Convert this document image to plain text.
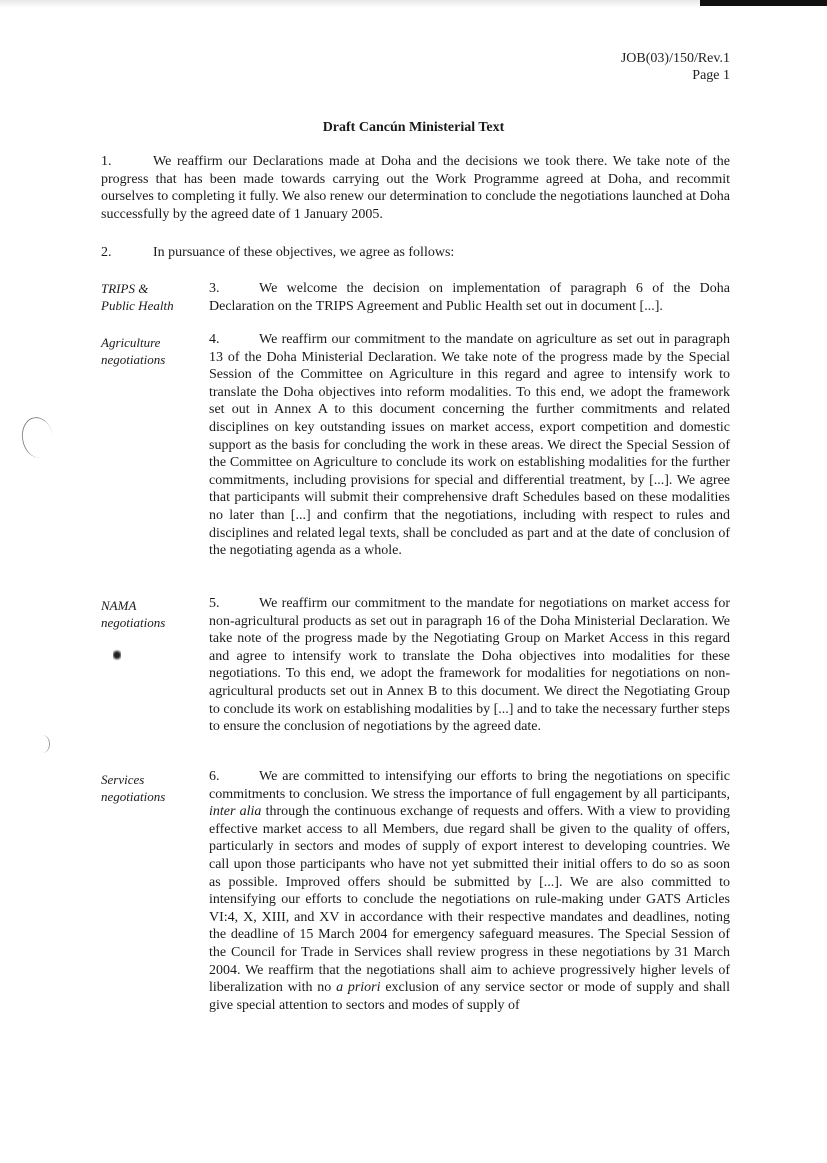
JOB(03)/150/Rev.1
Page 1
Draft Cancún Ministerial Text
1.	We reaffirm our Declarations made at Doha and the decisions we took there. We take note of the progress that has been made towards carrying out the Work Programme agreed at Doha, and recommit ourselves to completing it fully. We also renew our determination to conclude the negotiations launched at Doha successfully by the agreed date of 1 January 2005.
2.	In pursuance of these objectives, we agree as follows:
TRIPS & Public Health
3.	We welcome the decision on implementation of paragraph 6 of the Doha Declaration on the TRIPS Agreement and Public Health set out in document [...].
Agriculture negotiations
4.	We reaffirm our commitment to the mandate on agriculture as set out in paragraph 13 of the Doha Ministerial Declaration. We take note of the progress made by the Special Session of the Committee on Agriculture in this regard and agree to intensify work to translate the Doha objectives into reform modalities. To this end, we adopt the framework set out in Annex A to this document concerning the further commitments and related disciplines on key outstanding issues on market access, export competition and domestic support as the basis for concluding the work in these areas. We direct the Special Session of the Committee on Agriculture to conclude its work on establishing modalities for the further commitments, including provisions for special and differential treatment, by [...]. We agree that participants will submit their comprehensive draft Schedules based on these modalities no later than [...] and confirm that the negotiations, including with respect to rules and disciplines and related legal texts, shall be concluded as part and at the date of conclusion of the negotiating agenda as a whole.
NAMA negotiations
5.	We reaffirm our commitment to the mandate for negotiations on market access for non-agricultural products as set out in paragraph 16 of the Doha Ministerial Declaration. We take note of the progress made by the Negotiating Group on Market Access in this regard and agree to intensify work to translate the Doha objectives into modalities for these negotiations. To this end, we adopt the framework for modalities for negotiations on non-agricultural products set out in Annex B to this document. We direct the Negotiating Group to conclude its work on establishing modalities by [...] and to take the necessary further steps to ensure the conclusion of negotiations by the agreed date.
Services negotiations
6.	We are committed to intensifying our efforts to bring the negotiations on specific commitments to conclusion. We stress the importance of full engagement by all participants, inter alia through the continuous exchange of requests and offers. With a view to providing effective market access to all Members, due regard shall be given to the quality of offers, particularly in sectors and modes of supply of export interest to developing countries. We call upon those participants who have not yet submitted their initial offers to do so as soon as possible. Improved offers should be submitted by [...]. We are also committed to intensifying our efforts to conclude the negotiations on rule-making under GATS Articles VI:4, X, XIII, and XV in accordance with their respective mandates and deadlines, noting the deadline of 15 March 2004 for emergency safeguard measures. The Special Session of the Council for Trade in Services shall review progress in these negotiations by 31 March 2004. We reaffirm that the negotiations shall aim to achieve progressively higher levels of liberalization with no a priori exclusion of any service sector or mode of supply and shall give special attention to sectors and modes of supply of
